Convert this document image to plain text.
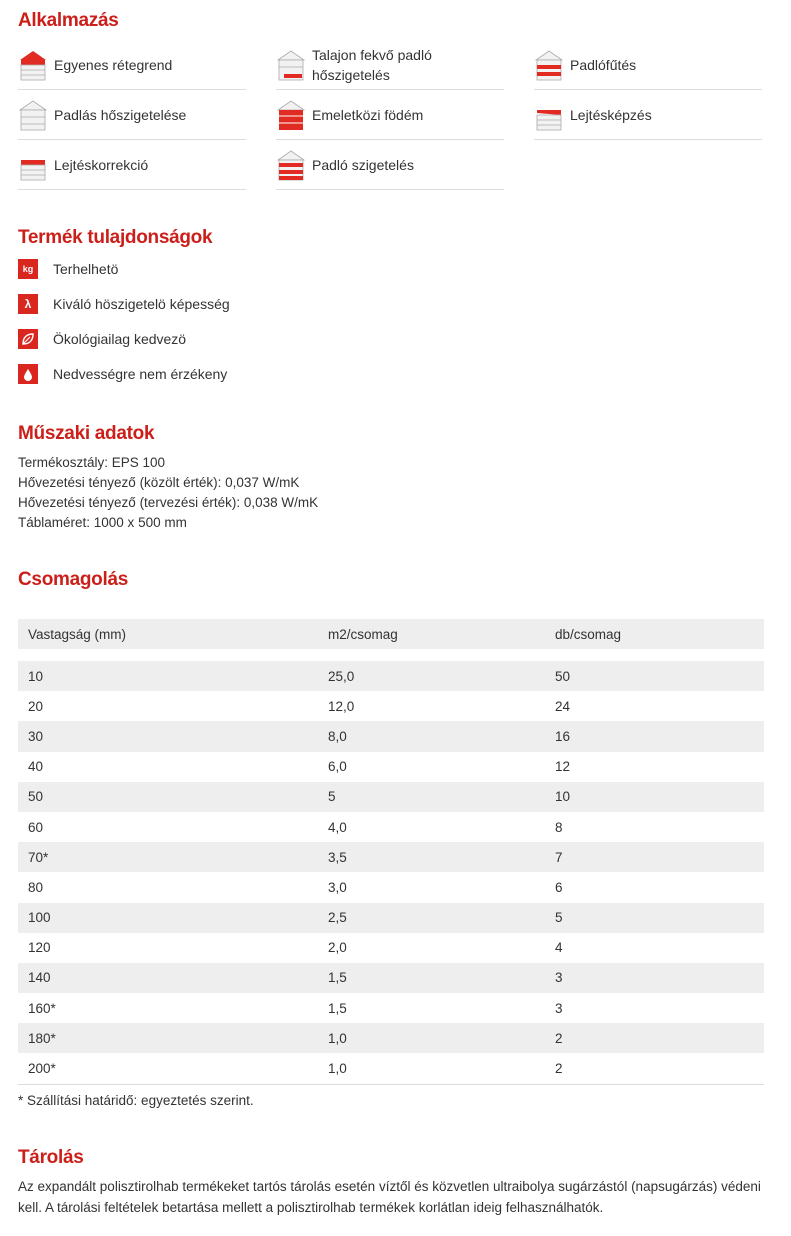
Alkalmazás
Egyenes rétegrend
Talajon fekvő padló hőszigetelés
Padlófűtés
Padlás hőszigetelése	Emeletközi födém	Lejtésképzés
Lejtéskorrekció	Padló szigetelés
Termék tulajdonságok
kg	Terhelhetö
λ	Kiváló höszigetelö képesség
Ökológiailag kedvezö
Nedvességre nem érzékeny
Műszaki adatok
Termékosztály: EPS 100
Hővezetési tényező (közölt érték): 0,037 W/mK
Hővezetési tényező (tervezési érték): 0,038 W/mK
Táblaméret: 1000 x 500 mm
Csomagolás
Vastagság (mm)	m2/csomag	db/csomag
10	25,0	50
20	12,0	24
30	8,0	16
40	6,0	12
50	5	10
60	4,0	8
70*	3,5	7
80	3,0	6
100	2,5	5
120	2,0	4
140	1,5	3
160*	1,5	3
180*	1,0	2
200*	1,0	2
* Szállítási határidő: egyeztetés szerint.
Tárolás
Az expandált polisztirolhab termékeket tartós tárolás esetén víztől és közvetlen ultraibolya sugárzástól (napsugárzás) védeni kell. A tárolási feltételek betartása mellett a polisztirolhab termékek korlátlan ideig felhasználhatók.
